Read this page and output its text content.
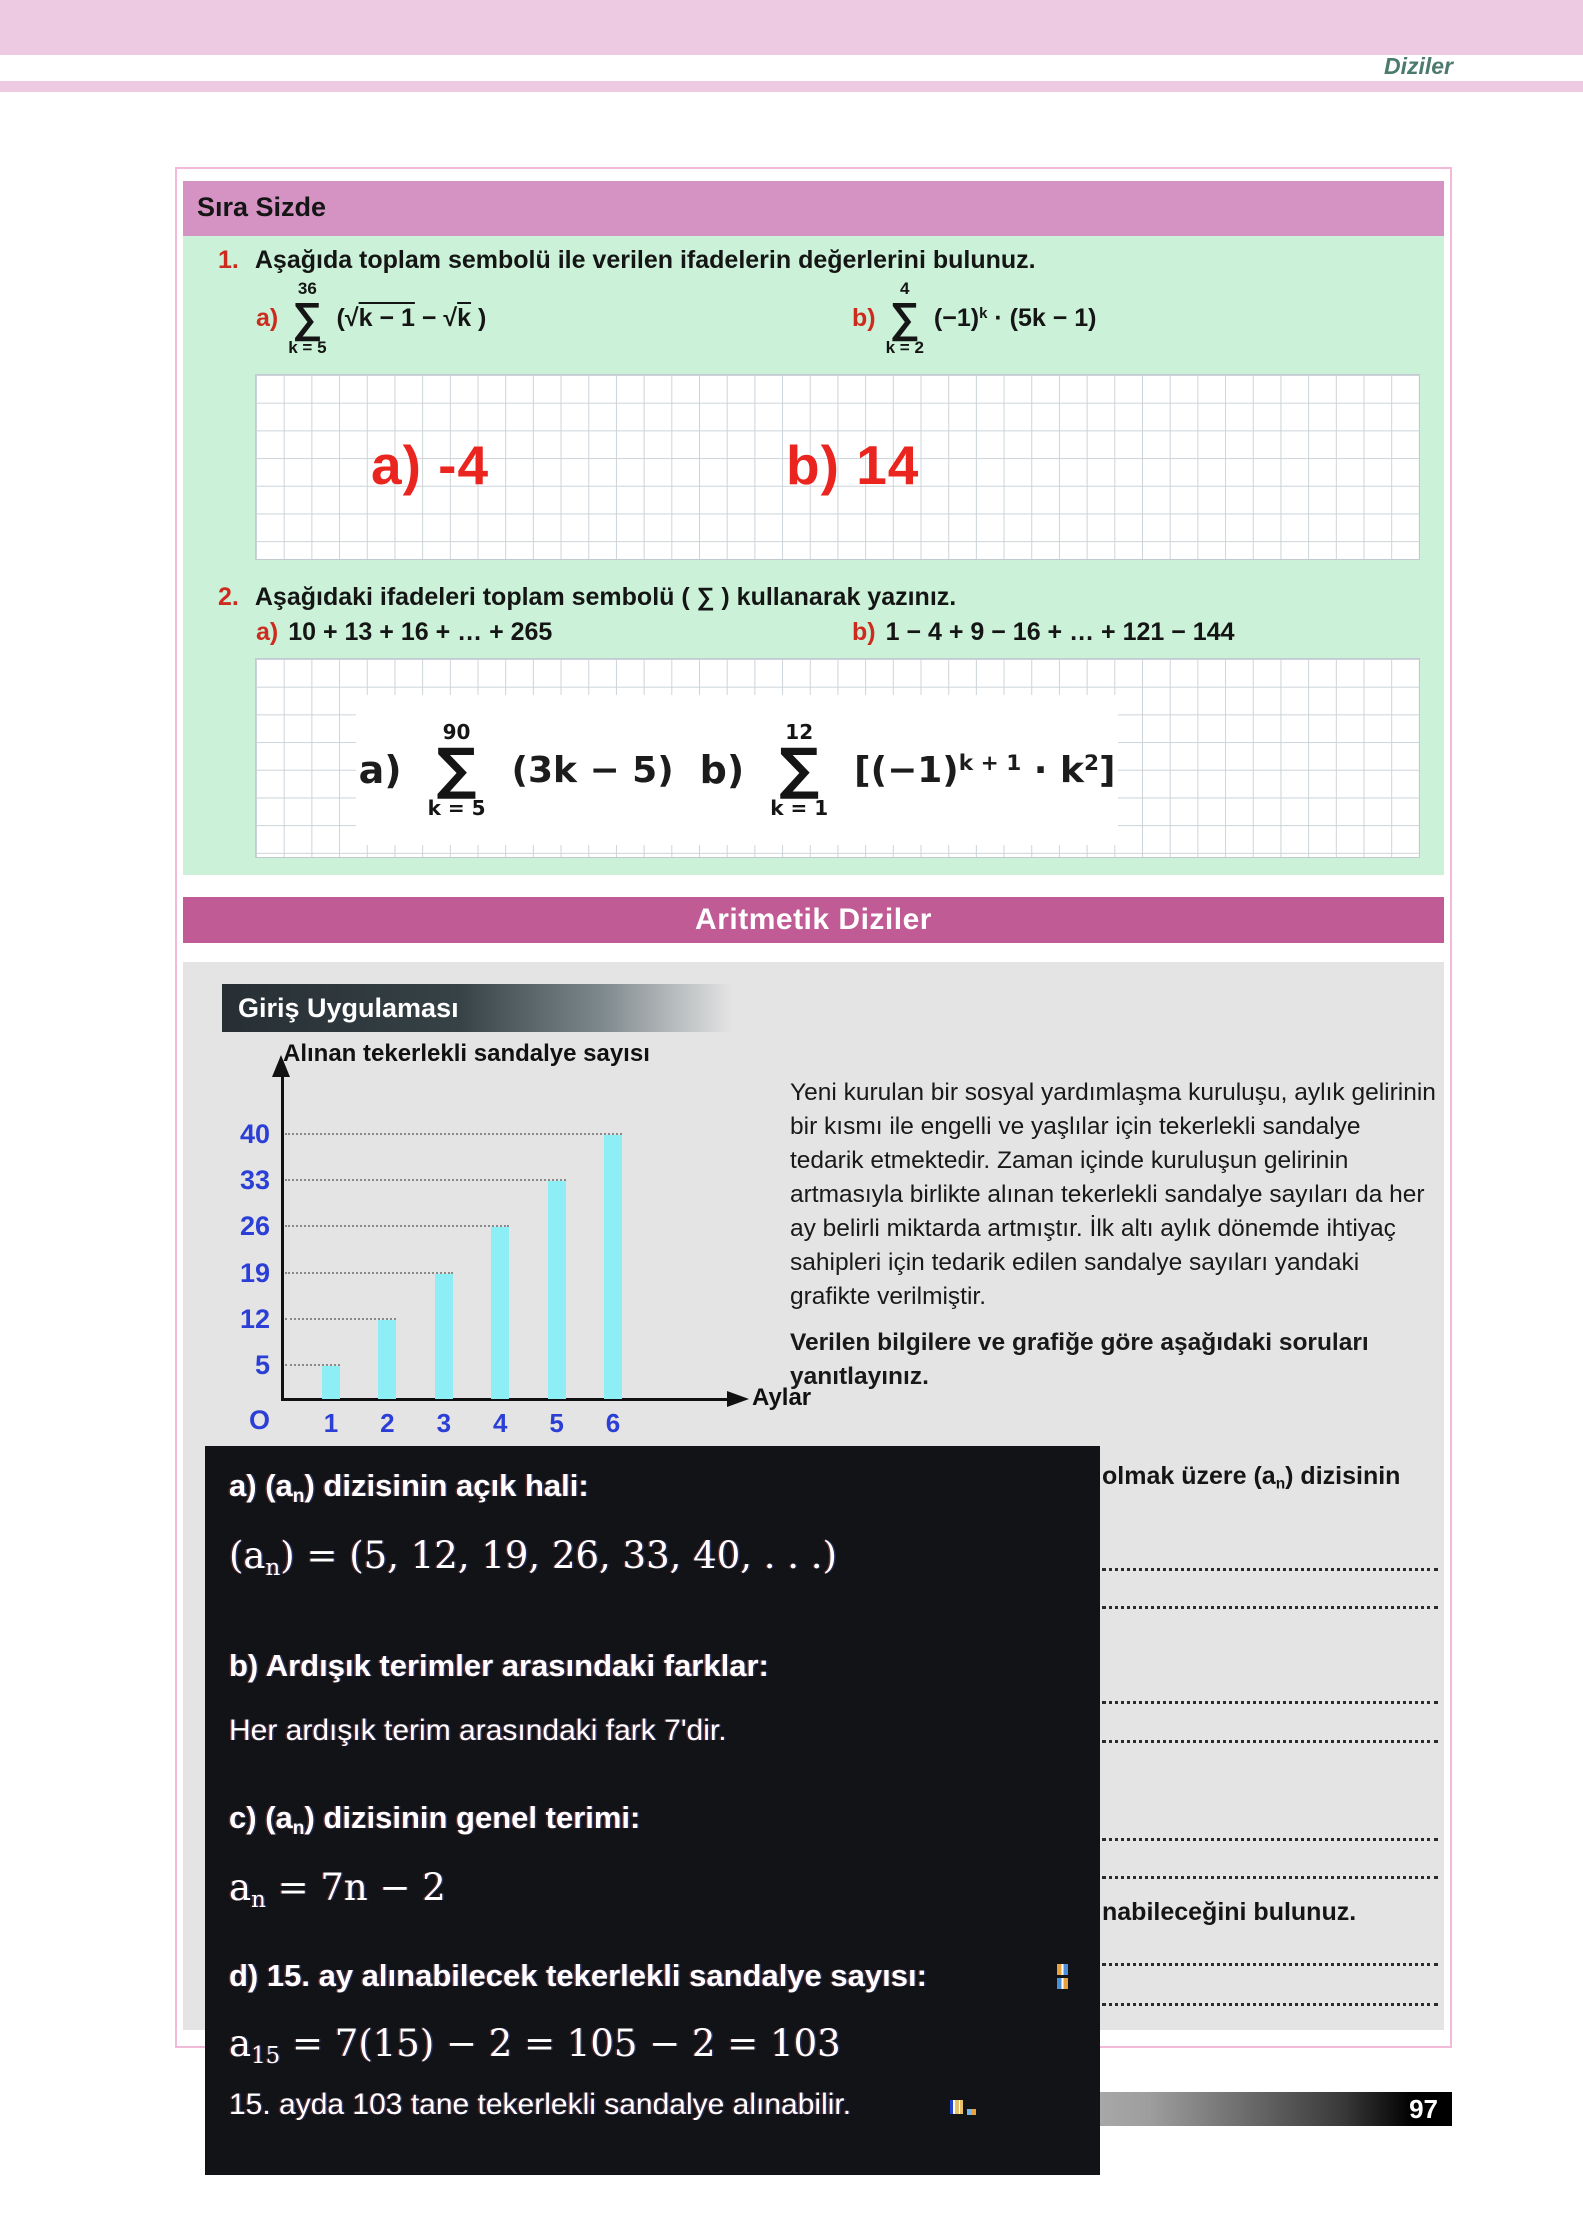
Diziler
Sıra Sizde
1. Aşağıda toplam sembolü ile verilen ifadelerin değerlerini bulunuz.
a)
36
∑
k = 5
(√k − 1 − √k )	b)
4
∑
k = 2
$(-1)^k \cdot (5k - 1)$
a) -4	b) 14
2. Aşağıdaki ifadeleri toplam sembolü ( ∑ ) kullanarak yazınız.
a) 10 + 13 + 16 + … + 265	b) 1 − 4 + 9 − 16 + … + 121 − 144
a)
90
∑
k = 5
(3k − 5) b)
12
∑
k = 1
$[(-1)^{k + 1} \cdot k^2]$
Aritmetik Diziler
Giriş Uygulaması
Alınan tekerlekli sandalye sayısı
5
1
12
2
19
3
26
4
33
5
40
6
O
Aylar

Yeni kurulan bir sosyal yardımlaşma kuruluşu, aylık gelirinin bir kısmı ile engelli ve yaşlılar için tekerlekli sandalye tedarik etmektedir. Zaman içinde kuruluşun gelirinin artmasıyla birlikte alınan tekerlekli sandalye sayıları da her ay belirli miktarda artmıştır. İlk altı aylık dönemde ihtiyaç sahipleri için tedarik edilen sandalye sayıları yandaki grafikte verilmiştir.

Verilen bilgilere ve grafiğe göre aşağıdaki soruları yanıtlayınız.

olmak üzere (an) dizisinin
nabileceğini bulunuz.
97
a) (an) dizisinin açık hali:
(an) = (5, 12, 19, 26, 33, 40, . . .)
b) Ardışık terimler arasındaki farklar:
Her ardışık terim arasındaki fark 7'dir.
c) (an) dizisinin genel terimi:
an = 7n − 2
d) 15. ay alınabilecek tekerlekli sandalye sayısı:
a15 = 7(15) − 2 = 105 − 2 = 103
15. ayda 103 tane tekerlekli sandalye alınabilir.
